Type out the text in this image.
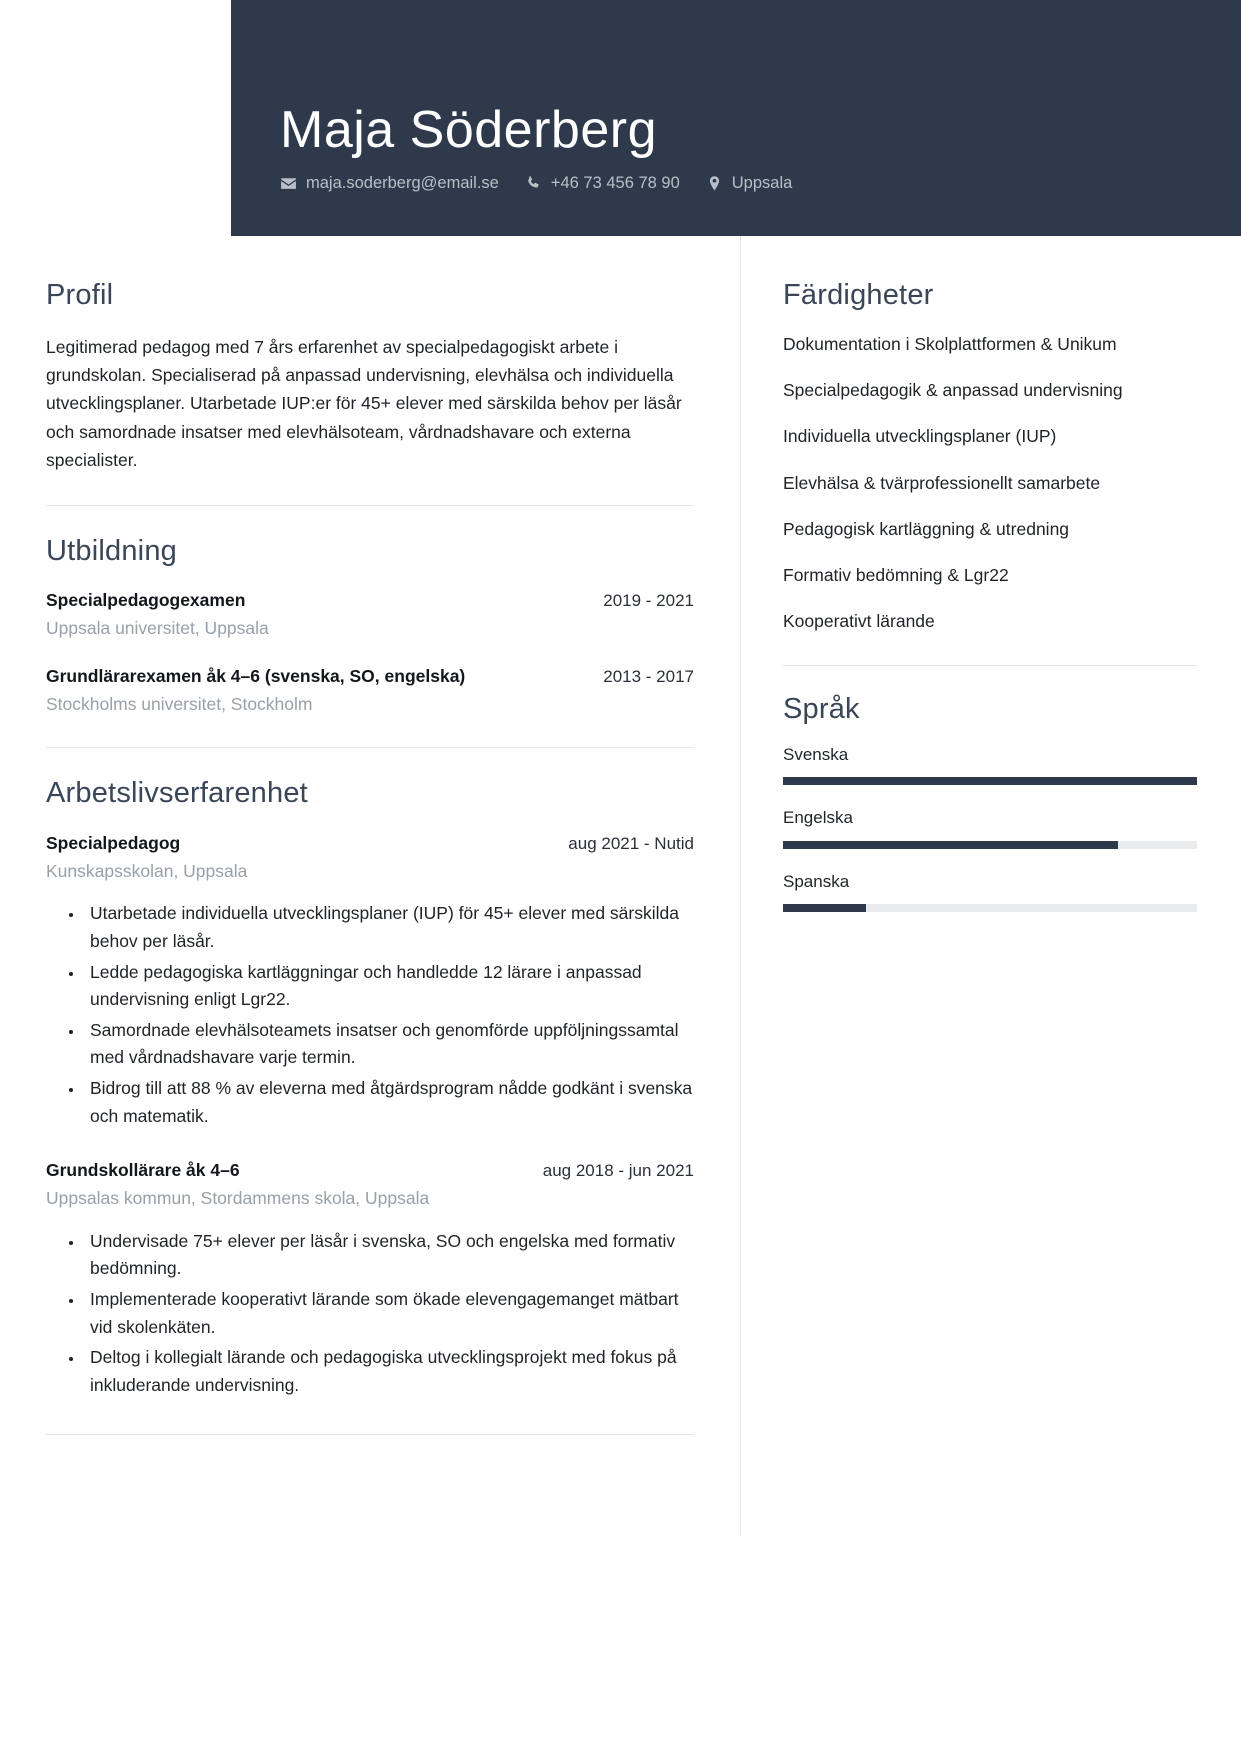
Maja Söderberg
maja.soderberg@email.se	+46 73 456 78 90	Uppsala
Profil

Legitimerad pedagog med 7 års erfarenhet av specialpedagogiskt arbete i grundskolan. Specialiserad på anpassad undervisning, elevhälsa och individuella utvecklingsplaner. Utarbetade IUP:er för 45+ elever med särskilda behov per läsår och samordnade insatser med elevhälsoteam, vårdnadshavare och externa specialister.

Utbildning
Specialpedagogexamen	2019 - 2021
Uppsala universitet, Uppsala
Grundlärarexamen åk 4–6 (svenska, SO, engelska)	2013 - 2017
Stockholms universitet, Stockholm
Arbetslivserfarenhet
Specialpedagog	aug 2021 - Nutid
Kunskapsskolan, Uppsala
• Utarbetade individuella utvecklingsplaner (IUP) för 45+ elever med särskilda behov per läsår.
• Ledde pedagogiska kartläggningar och handledde 12 lärare i anpassad undervisning enligt Lgr22.
• Samordnade elevhälsoteamets insatser och genomförde uppföljningssamtal med vårdnadshavare varje termin.
• Bidrog till att 88 % av eleverna med åtgärdsprogram nådde godkänt i svenska och matematik.
Grundskollärare åk 4–6	aug 2018 - jun 2021
Uppsalas kommun, Stordammens skola, Uppsala
• Undervisade 75+ elever per läsår i svenska, SO och engelska med formativ bedömning.
• Implementerade kooperativt lärande som ökade elevengagemanget mätbart vid skolenkäten.
• Deltog i kollegialt lärande och pedagogiska utvecklingsprojekt med fokus på inkluderande undervisning.
Färdigheter
Dokumentation i Skolplattformen & Unikum
Specialpedagogik & anpassad undervisning
Individuella utvecklingsplaner (IUP)
Elevhälsa & tvärprofessionellt samarbete
Pedagogisk kartläggning & utredning
Formativ bedömning & Lgr22
Kooperativt lärande
Språk
Svenska
Engelska
Spanska
